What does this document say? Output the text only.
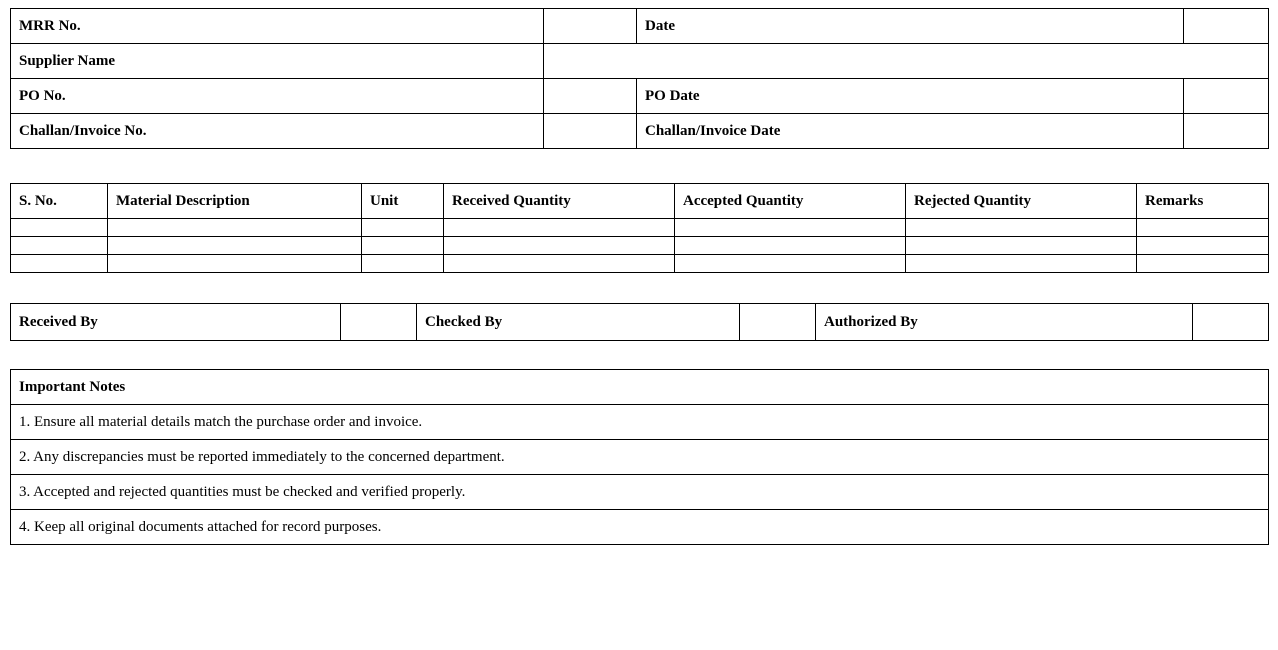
MRR No.		Date	
Supplier Name			
PO No.		PO Date	
Challan/Invoice No.		Challan/Invoice Date	
S. No.	Material Description	Unit	Received Quantity	Accepted Quantity	Rejected Quantity	Remarks

Received By		Checked By		Authorized By	
Important Notes
1. Ensure all material details match the purchase order and invoice.
2. Any discrepancies must be reported immediately to the concerned department.
3. Accepted and rejected quantities must be checked and verified properly.
4. Keep all original documents attached for record purposes.
